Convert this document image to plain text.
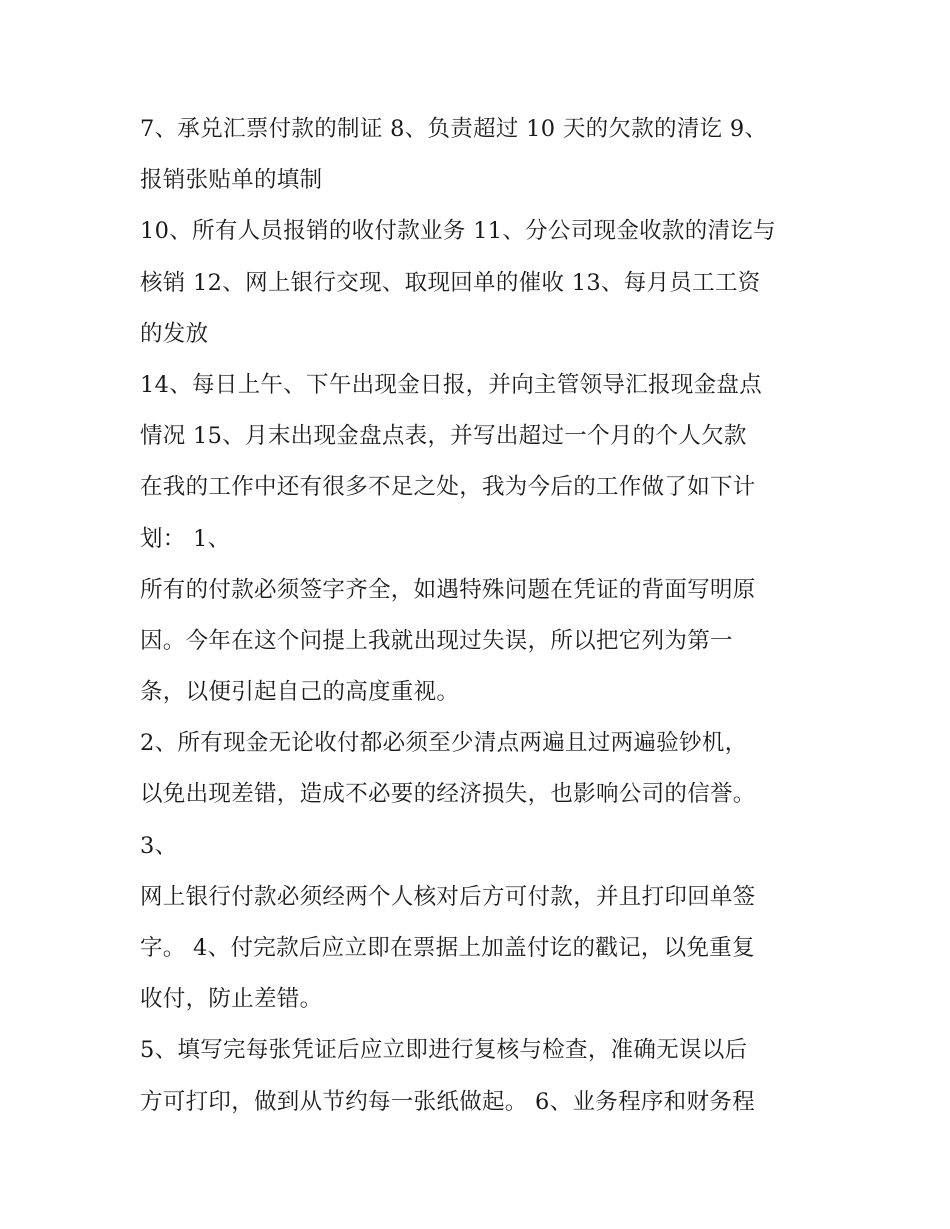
7、承兑汇票付款的制证 8、负责超过 10 天的欠款的清讫 9、
报销张贴单的填制
10、所有人员报销的收付款业务 11、分公司现金收款的清讫与
核销 12、网上银行交现、取现回单的催收 13、每月员工工资
的发放
14、每日上午、下午出现金日报，并向主管领导汇报现金盘点
情况 15、月末出现金盘点表，并写出超过一个月的个人欠款
在我的工作中还有很多不足之处，我为今后的工作做了如下计
划： 1、
所有的付款必须签字齐全，如遇特殊问题在凭证的背面写明原
因。今年在这个问提上我就出现过失误，所以把它列为第一
条，以便引起自己的高度重视。
2、所有现金无论收付都必须至少清点两遍且过两遍验钞机，
以免出现差错，造成不必要的经济损失，也影响公司的信誉。
3、
网上银行付款必须经两个人核对后方可付款，并且打印回单签
字。 4、付完款后应立即在票据上加盖付讫的戳记，以免重复
收付，防止差错。
5、填写完每张凭证后应立即进行复核与检查，准确无误以后
方可打印，做到从节约每一张纸做起。 6、业务程序和财务程
